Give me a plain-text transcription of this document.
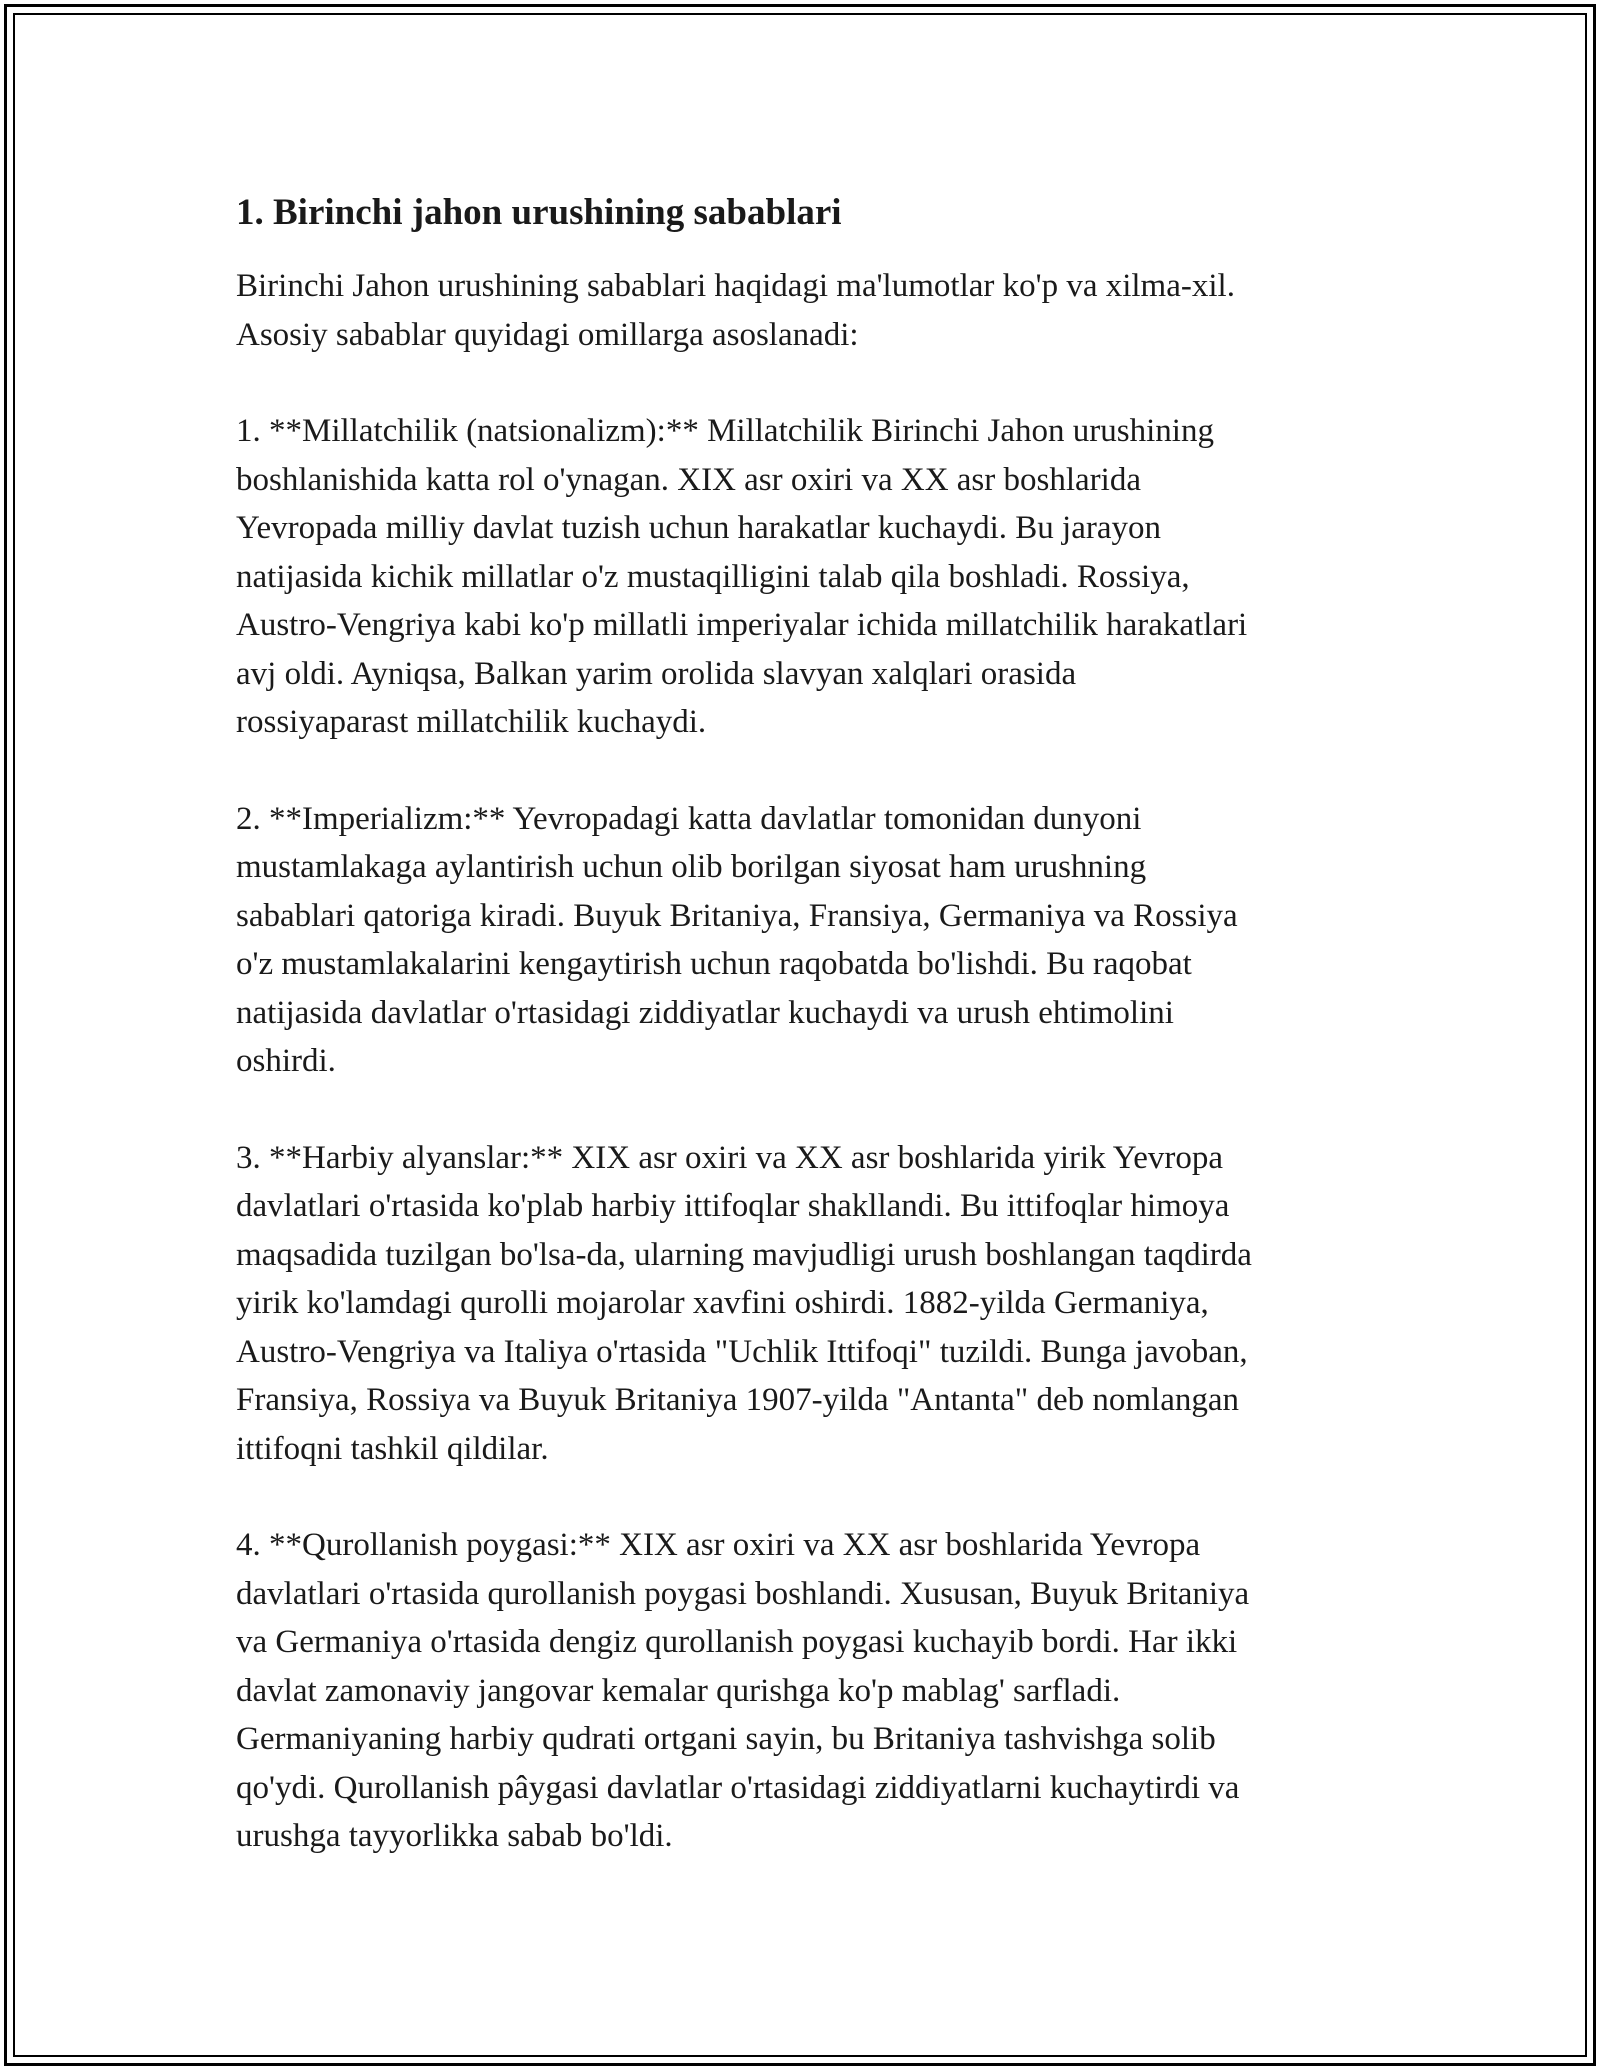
1. Birinchi jahon urushining sabablari

Birinchi Jahon urushining sabablari haqidagi ma'lumotlar ko'p va xilma-xil.
Asosiy sabablar quyidagi omillarga asoslanadi:

1. **Millatchilik (natsionalizm):** Millatchilik Birinchi Jahon urushining
boshlanishida katta rol o'ynagan. XIX asr oxiri va XX asr boshlarida
Yevropada milliy davlat tuzish uchun harakatlar kuchaydi. Bu jarayon
natijasida kichik millatlar o'z mustaqilligini talab qila boshladi. Rossiya,
Austro-Vengriya kabi ko'p millatli imperiyalar ichida millatchilik harakatlari
avj oldi. Ayniqsa, Balkan yarim orolida slavyan xalqlari orasida
rossiyaparast millatchilik kuchaydi.

2. **Imperializm:** Yevropadagi katta davlatlar tomonidan dunyoni
mustamlakaga aylantirish uchun olib borilgan siyosat ham urushning
sabablari qatoriga kiradi. Buyuk Britaniya, Fransiya, Germaniya va Rossiya
o'z mustamlakalarini kengaytirish uchun raqobatda bo'lishdi. Bu raqobat
natijasida davlatlar o'rtasidagi ziddiyatlar kuchaydi va urush ehtimolini
oshirdi.

3. **Harbiy alyanslar:** XIX asr oxiri va XX asr boshlarida yirik Yevropa
davlatlari o'rtasida ko'plab harbiy ittifoqlar shakllandi. Bu ittifoqlar himoya
maqsadida tuzilgan bo'lsa-da, ularning mavjudligi urush boshlangan taqdirda
yirik ko'lamdagi qurolli mojarolar xavfini oshirdi. 1882-yilda Germaniya,
Austro-Vengriya va Italiya o'rtasida "Uchlik Ittifoqi" tuzildi. Bunga javoban,
Fransiya, Rossiya va Buyuk Britaniya 1907-yilda "Antanta" deb nomlangan
ittifoqni tashkil qildilar.

4. **Qurollanish poygasi:** XIX asr oxiri va XX asr boshlarida Yevropa
davlatlari o'rtasida qurollanish poygasi boshlandi. Xususan, Buyuk Britaniya
va Germaniya o'rtasida dengiz qurollanish poygasi kuchayib bordi. Har ikki
davlat zamonaviy jangovar kemalar qurishga ko'p mablag' sarfladi.
Germaniyaning harbiy qudrati ortgani sayin, bu Britaniya tashvishga solib
qo'ydi. Qurollanish pâygasi davlatlar o'rtasidagi ziddiyatlarni kuchaytirdi va
urushga tayyorlikka sabab bo'ldi.
